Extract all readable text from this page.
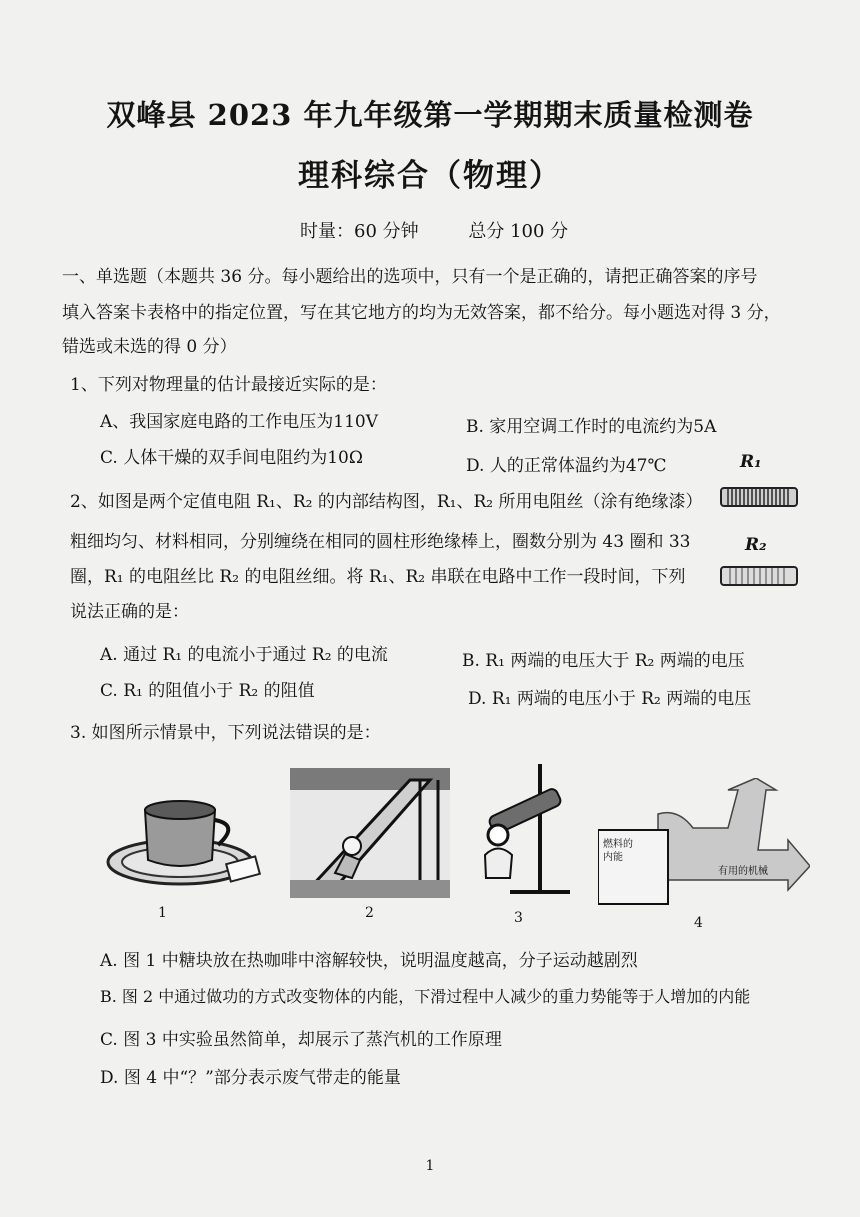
双峰县 2023 年九年级第一学期期末质量检测卷
理科综合（物理）
时量：60 分钟	总分 100 分
一、单选题（本题共 36 分。每小题给出的选项中，只有一个是正确的，请把正确答案的序号
填入答案卡表格中的指定位置，写在其它地方的均为无效答案，都不给分。每小题选对得 3 分，
错选或未选的得 0 分）
1、下列对物理量的估计最接近实际的是：
A、我国家庭电路的工作电压为110V	B. 家用空调工作时的电流约为5A
C. 人体干燥的双手间电阻约为10Ω	D. 人的正常体温约为47℃
2、如图是两个定值电阻 R₁、R₂ 的内部结构图，R₁、R₂ 所用电阻丝（涂有绝缘漆）
粗细均匀、材料相同，分别缠绕在相同的圆柱形绝缘棒上，圈数分别为 43 圈和 33
圈，R₁ 的电阻丝比 R₂ 的电阻丝细。将 R₁、R₂ 串联在电路中工作一段时间，下列
说法正确的是：
R₁
R₂
A. 通过 R₁ 的电流小于通过 R₂ 的电流	B. R₁ 两端的电压大于 R₂ 两端的电压
C. R₁ 的阻值小于 R₂ 的阻值	D. R₁ 两端的电压小于 R₂ 两端的电压
3. 如图所示情景中，下列说法错误的是：
1	2	3
燃料的
内能
有用的机械
4
A. 图 1 中糖块放在热咖啡中溶解较快，说明温度越高，分子运动越剧烈
B. 图 2 中通过做功的方式改变物体的内能，下滑过程中人减少的重力势能等于人增加的内能
C. 图 3 中实验虽然简单，却展示了蒸汽机的工作原理
D. 图 4 中“？”部分表示废气带走的能量
1
